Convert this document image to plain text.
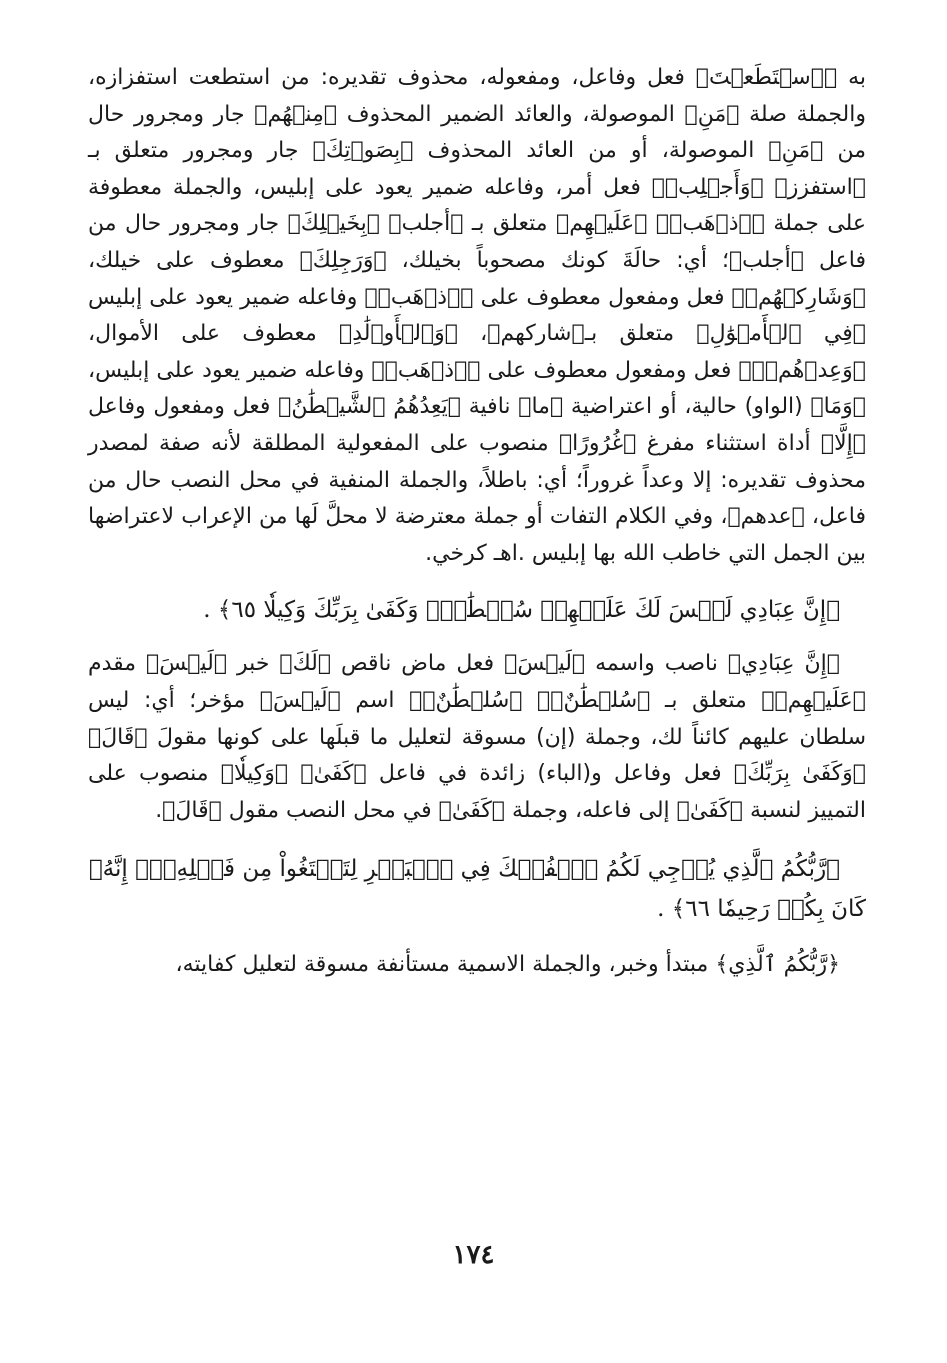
به ﴿ٱسۡتَطَعۡتَ﴾ فعل وفاعل، ومفعوله، محذوف تقديره: من استطعت استفزازه، والجملة صلة ﴿مَنِ﴾ الموصولة، والعائد الضمير المحذوف ﴿مِنۡهُم﴾ جار ومجرور حال من ﴿مَنِ﴾ الموصولة، أو من العائد المحذوف ﴿بِصَوۡتِكَ﴾ جار ومجرور متعلق بـ ﴿استفزز﴾ ﴿وَأَجۡلِبۡ﴾ فعل أمر، وفاعله ضمير يعود على إبليس، والجملة معطوفة على جملة ﴿ٱذۡهَبۡ﴾ ﴿عَلَيۡهِم﴾ متعلق بـ ﴿أجلب﴾ ﴿بِخَيۡلِكَ﴾ جار ومجرور حال من فاعل ﴿أجلب﴾؛ أي: حالَةَ كونك مصحوباً بخيلك، ﴿وَرَجِلِكَ﴾ معطوف على خيلك، ﴿وَشَارِكۡهُمۡ﴾ فعل ومفعول معطوف على ﴿ٱذۡهَبۡ﴾ وفاعله ضمير يعود على إبليس ﴿فِي ٱلۡأَمۡوَٰلِ﴾ متعلق بـ﴿شاركهم﴾، ﴿وَٱلۡأَوۡلَٰدِ﴾ معطوف على الأموال، ﴿وَعِدۡهُمۡۚ﴾ فعل ومفعول معطوف على ﴿ٱذۡهَبۡ﴾ وفاعله ضمير يعود على إبليس، ﴿وَمَا﴾ (الواو) حالية، أو اعتراضية ﴿ما﴾ نافية ﴿يَعِدُهُمُ ٱلشَّيۡطَٰنُ﴾ فعل ومفعول وفاعل ﴿إِلَّا﴾ أداة استثناء مفرغ ﴿غُرُورًا﴾ منصوب على المفعولية المطلقة لأنه صفة لمصدر محذوف تقديره: إلا وعداً غروراً؛ أي: باطلاً، والجملة المنفية في محل النصب حال من فاعل، ﴿عدهم﴾، وفي الكلام التفات أو جملة معترضة لا محلَّ لَها من الإعراب لاعتراضها بين الجمل التي خاطب الله بها إبليس .اهـ كرخي.

﴿إِنَّ عِبَادِي لَيۡسَ لَكَ عَلَيۡهِمۡ سُلۡطَٰنٌۚ وَكَفَىٰ بِرَبِّكَ وَكِيلٗا ٦٥﴾ .

﴿إِنَّ عِبَادِي﴾ ناصب واسمه ﴿لَيۡسَ﴾ فعل ماض ناقص ﴿لَكَ﴾ خبر ﴿لَيۡسَ﴾ مقدم ﴿عَلَيۡهِمۡ﴾ متعلق بـ ﴿سُلۡطَٰنٌۚ﴾ ﴿سُلۡطَٰنٌۚ﴾ اسم ﴿لَيۡسَ﴾ مؤخر؛ أي: ليس سلطان عليهم كائناً لك، وجملة (إن) مسوقة لتعليل ما قبلَها على كونها مقولَ ﴿قَالَ﴾ ﴿وَكَفَىٰ بِرَبِّكَ﴾ فعل وفاعل و(الباء) زائدة في فاعل ﴿كَفَىٰ﴾ ﴿وَكِيلٗا﴾ منصوب على التمييز لنسبة ﴿كَفَىٰ﴾ إلى فاعله، وجملة ﴿كَفَىٰ﴾ في محل النصب مقول ﴿قَالَ﴾.

﴿رَّبُّكُمُ ٱلَّذِي يُزۡجِي لَكُمُ ٱلۡفُلۡكَ فِي ٱلۡبَحۡرِ لِتَبۡتَغُواْ مِن فَضۡلِهِۦٓۚ إِنَّهُۥ كَانَ بِكُمۡ رَحِيمٗا ٦٦﴾ .

﴿رَّبُّكُمُ ٱلَّذِي﴾ مبتدأ وخبر، والجملة الاسمية مستأنفة مسوقة لتعليل كفايته،

١٧٤
